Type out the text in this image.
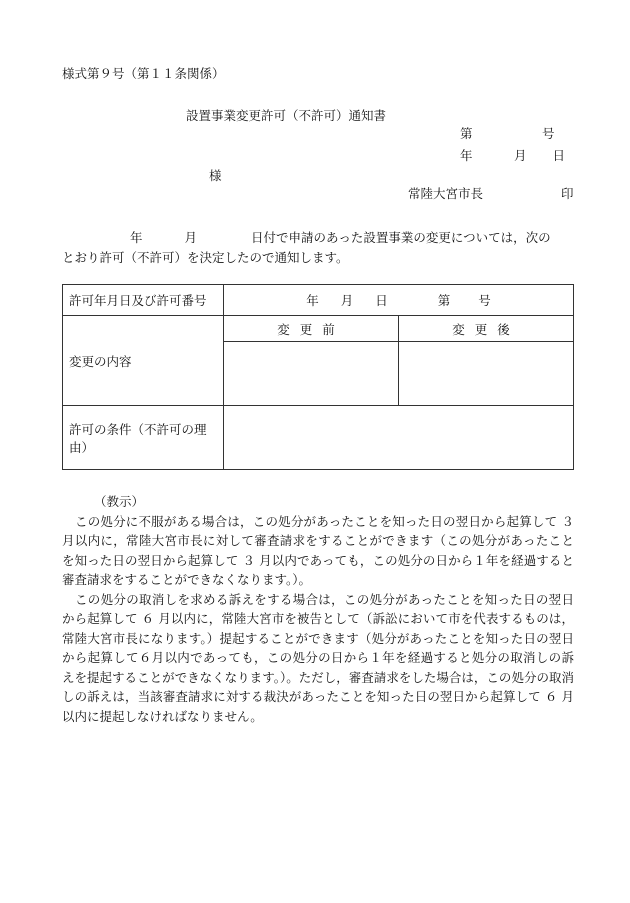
様式第９号（第１１条関係）
設置事業変更許可（不許可）通知書
第	号
年	月 日
様
常陸大宮市長	印
年	月	日付で申請のあった設置事業の変更については，次の
とおり許可（不許可）を決定したので通知します。
許可年月日及び許可番号	年 月 日 第 号	
変更の内容	変更前	変更後

許可の条件（不許可の理由）		

（教示）

この処分に不服がある場合は，この処分があったことを知った日の翌日から起算して ３ 月以内に，常陸大宮市長に対して審査請求をすることができます（この処分があったことを知った日の翌日から起算して ３ 月以内であっても，この処分の日から１年を経過すると審査請求をすることができなくなります。）。

この処分の取消しを求める訴えをする場合は，この処分があったことを知った日の翌日から起算して ６ 月以内に，常陸大宮市を被告として（訴訟において市を代表するものは，常陸大宮市長になります。）提起することができます（処分があったことを知った日の翌日から起算して６月以内であっても，この処分の日から１年を経過すると処分の取消しの訴えを提起することができなくなります。）。ただし，審査請求をした場合は，この処分の取消しの訴えは，当該審査請求に対する裁決があったことを知った日の翌日から起算して ６ 月以内に提起しなければなりません。
